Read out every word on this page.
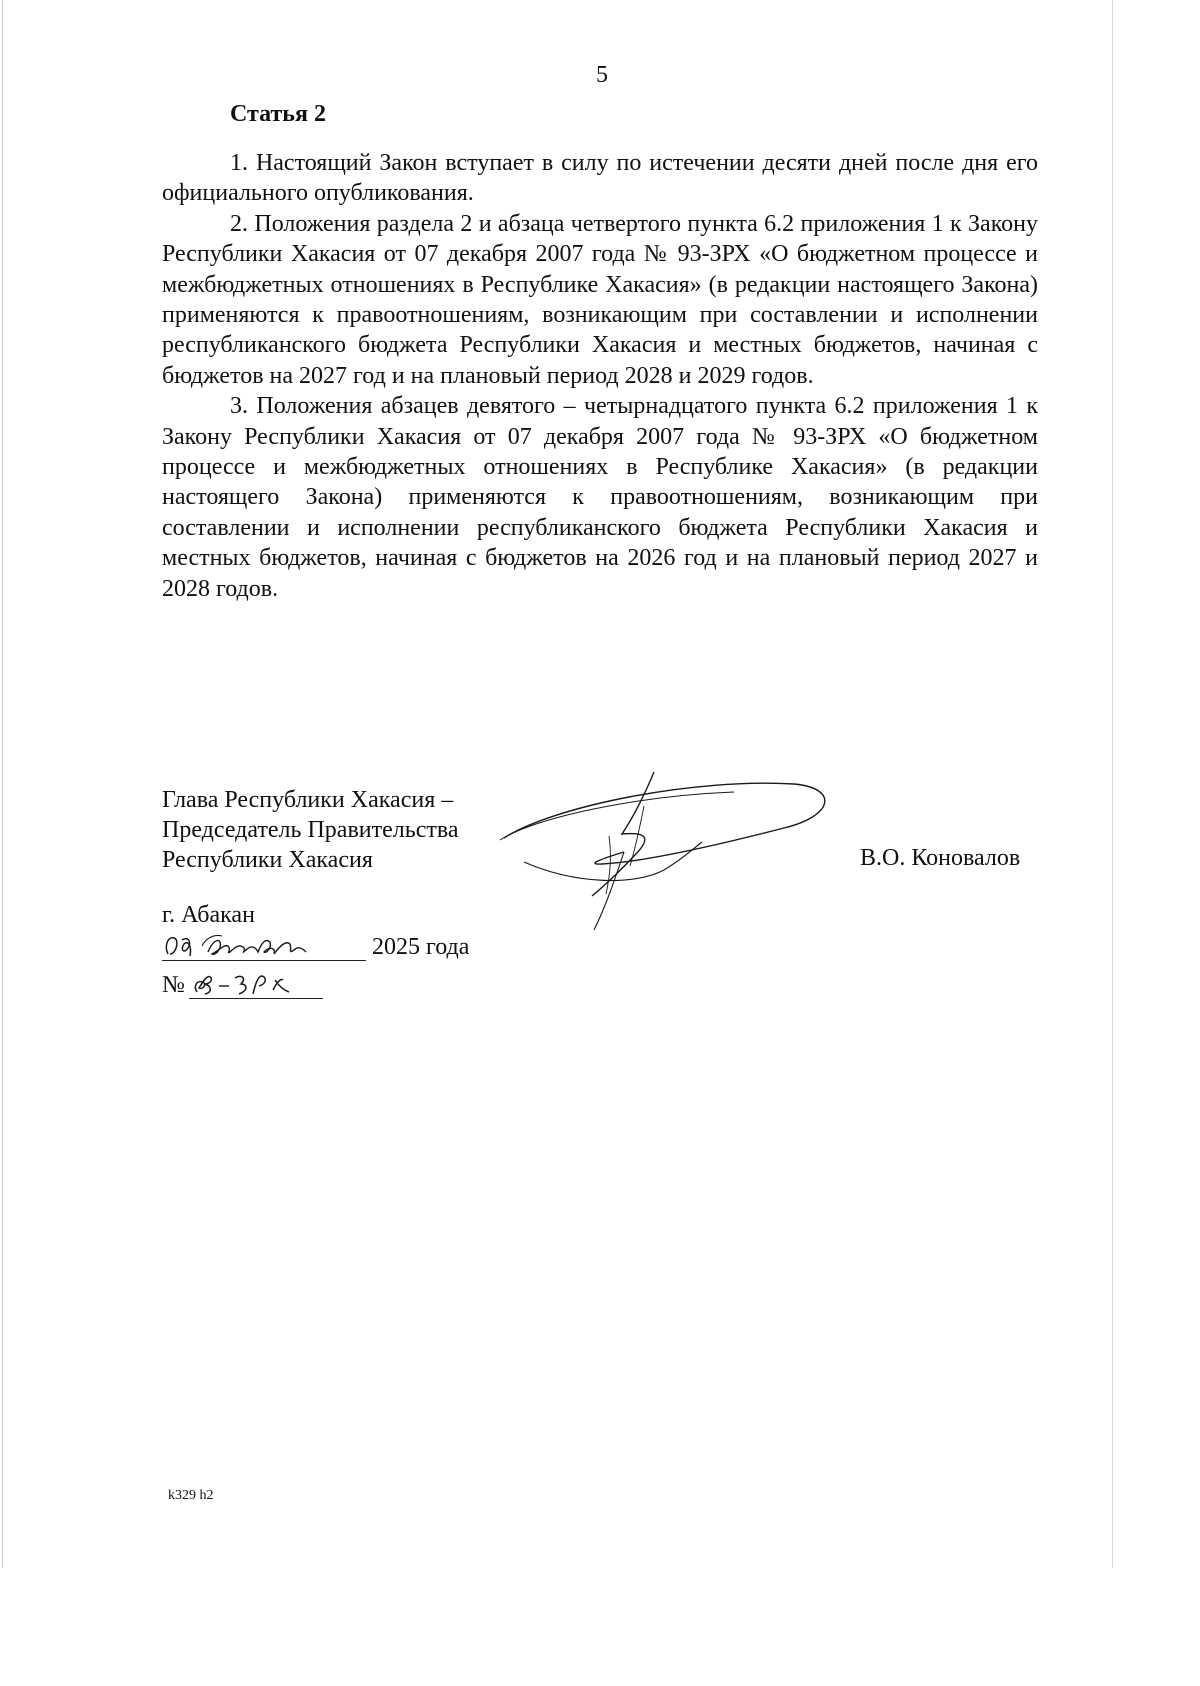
5
Статья 2

1. Настоящий Закон вступает в силу по истечении десяти дней после дня его официального опубликования.

2. Положения раздела 2 и абзаца четвертого пункта 6.2 приложения 1 к Закону Республики Хакасия от 07 декабря 2007 года № 93-ЗРХ «О бюджетном процессе и межбюджетных отношениях в Республике Хакасия» (в редакции настоящего Закона) применяются к правоотношениям, возникающим при составлении и исполнении республиканского бюджета Республики Хакасия и местных бюджетов, начиная с бюджетов на 2027 год и на плановый период 2028 и 2029 годов.

3. Положения абзацев девятого – четырнадцатого пункта 6.2 приложения 1 к Закону Республики Хакасия от 07 декабря 2007 года № 93-ЗРХ «О бюджетном процессе и межбюджетных отношениях в Республике Хакасия» (в редакции настоящего Закона) применяются к правоотношениям, возникающим при составлении и исполнении республиканского бюджета Республики Хакасия и местных бюджетов, начиная с бюджетов на 2026 год и на плановый период 2027 и 2028 годов.

Глава Республики Хакасия –
Председатель Правительства
Республики Хакасия	В.О. Коновалов
г. Абакан
2025 года
№
k329 h2
